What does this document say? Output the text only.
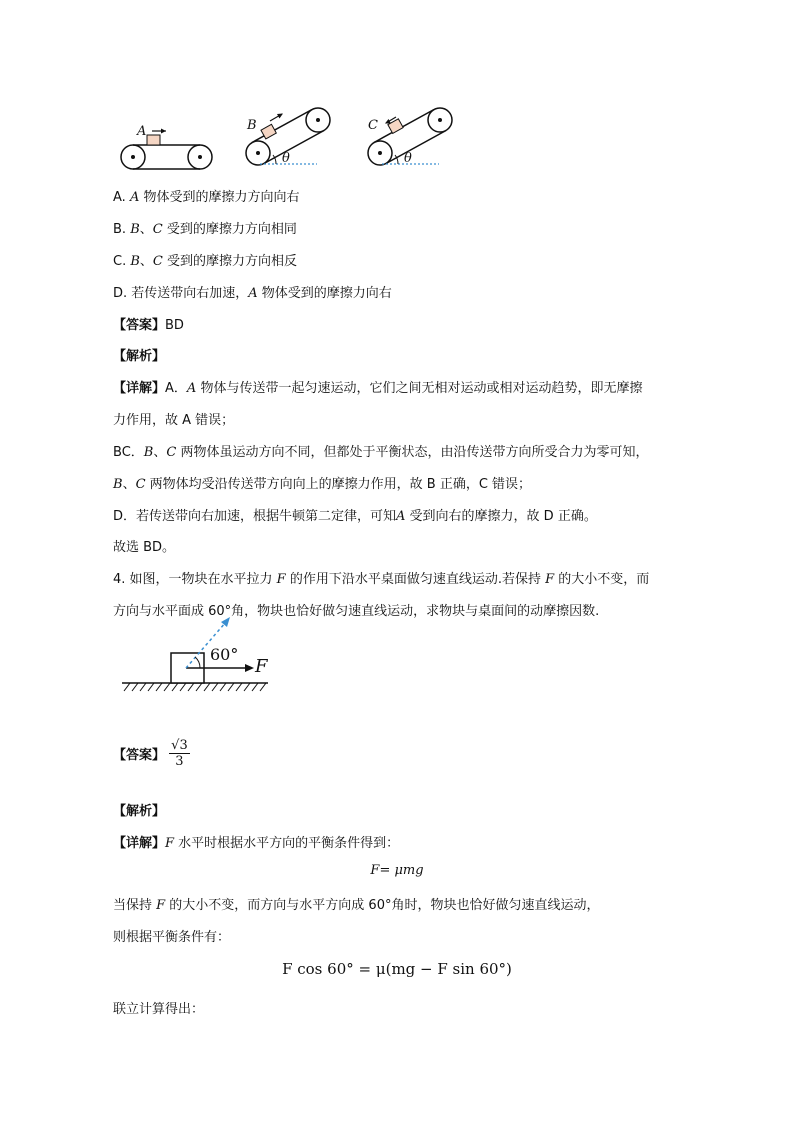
A	B
θ
C
θ
A. A 物体受到的摩擦力方向向右
B. B、C 受到的摩擦力方向相同
C. B、C 受到的摩擦力方向相反
D. 若传送带向右加速，A 物体受到的摩擦力向右
【答案】BD
【解析】
【详解】A．A 物体与传送带一起匀速运动，它们之间无相对运动或相对运动趋势，即无摩擦
力作用，故 A 错误；
BC．B、C 两物体虽运动方向不同，但都处于平衡状态，由沿传送带方向所受合力为零可知，
B、C 两物体均受沿传送带方向向上的摩擦力作用，故 B 正确，C 错误；
D．若传送带向右加速，根据牛顿第二定律，可知A 受到向右的摩擦力，故 D 正确。
故选 BD。
4. 如图，一物块在水平拉力 F 的作用下沿水平桌面做匀速直线运动.若保持 F 的大小不变，而
方向与水平面成 60°角，物块也恰好做匀速直线运动，求物块与桌面间的动摩擦因数.
60°
F
【答案】 $\frac{√3}{3}$
【解析】
【详解】F 水平时根据水平方向的平衡条件得到：
F= μmg
当保持 F 的大小不变，而方向与水平方向成 60°角时，物块也恰好做匀速直线运动，
则根据平衡条件有：
F cos 60° = μ(mg − F sin 60°)
联立计算得出：
